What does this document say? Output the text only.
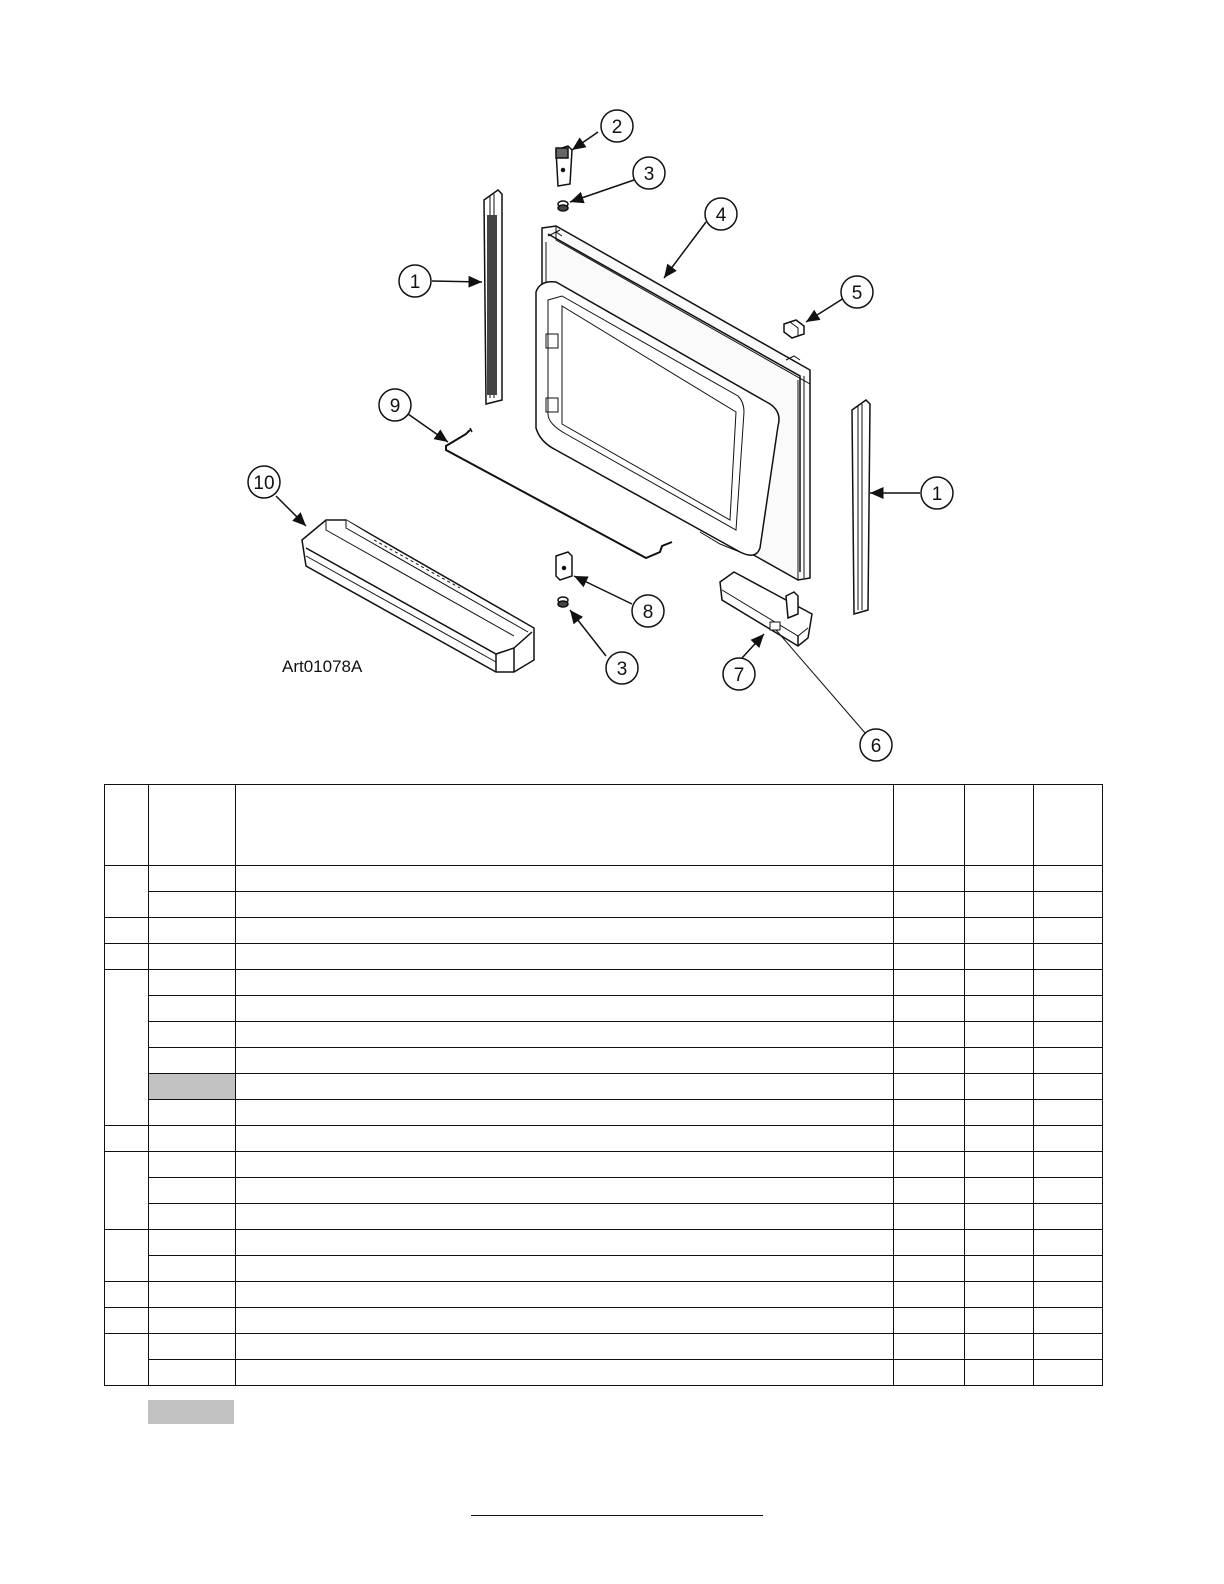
1
2
3
4
5
9
1
10
8
3	7
6
Art01078A
